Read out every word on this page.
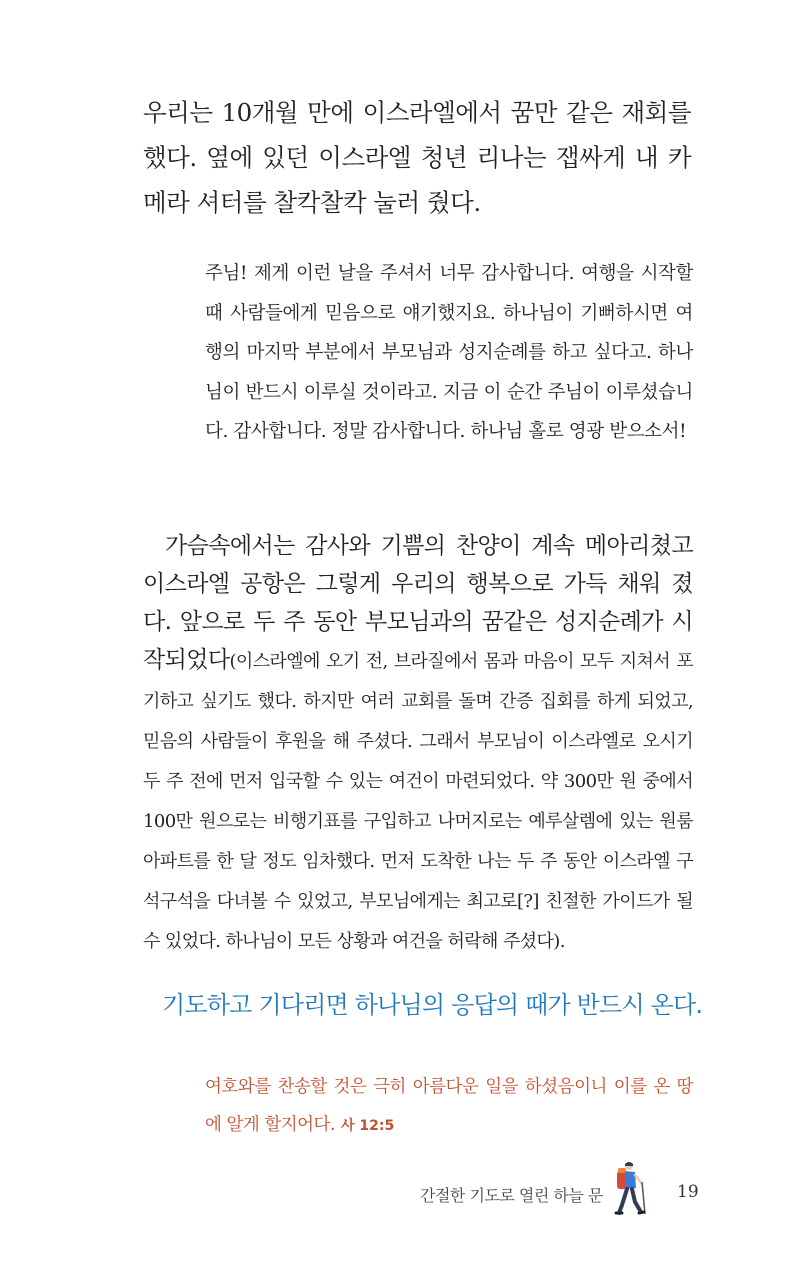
우리는 10개월 만에 이스라엘에서 꿈만 같은 재회를 했다. 옆에 있던 이스라엘 청년 리나는 잽싸게 내 카메라 셔터를 찰칵찰칵 눌러 줬다.

주님! 제게 이런 날을 주셔서 너무 감사합니다. 여행을 시작할 때 사람들에게 믿음으로 얘기했지요. 하나님이 기뻐하시면 여행의 마지막 부분에서 부모님과 성지순례를 하고 싶다고. 하나님이 반드시 이루실 것이라고. 지금 이 순간 주님이 이루셨습니다. 감사합니다. 정말 감사합니다. 하나님 홀로 영광 받으소서!

가슴속에서는 감사와 기쁨의 찬양이 계속 메아리쳤고 이스라엘 공항은 그렇게 우리의 행복으로 가득 채워 졌다. 앞으로 두 주 동안 부모님과의 꿈같은 성지순례가 시작되었다(이스라엘에 오기 전, 브라질에서 몸과 마음이 모두 지쳐서 포기하고 싶기도 했다. 하지만 여러 교회를 돌며 간증 집회를 하게 되었고, 믿음의 사람들이 후원을 해 주셨다. 그래서 부모님이 이스라엘로 오시기 두 주 전에 먼저 입국할 수 있는 여건이 마련되었다. 약 300만 원 중에서 100만 원으로는 비행기표를 구입하고 나머지로는 예루살렘에 있는 원룸 아파트를 한 달 정도 임차했다. 먼저 도착한 나는 두 주 동안 이스라엘 구석구석을 다녀볼 수 있었고, 부모님에게는 최고로[?] 친절한 가이드가 될 수 있었다. 하나님이 모든 상황과 여건을 허락해 주셨다).
기도하고 기다리면 하나님의 응답의 때가 반드시 온다.

여호와를 찬송할 것은 극히 아름다운 일을 하셨음이니 이를 온 땅에 알게 할지어다. 사 12:5

간절한 기도로 열린 하늘 문	19
